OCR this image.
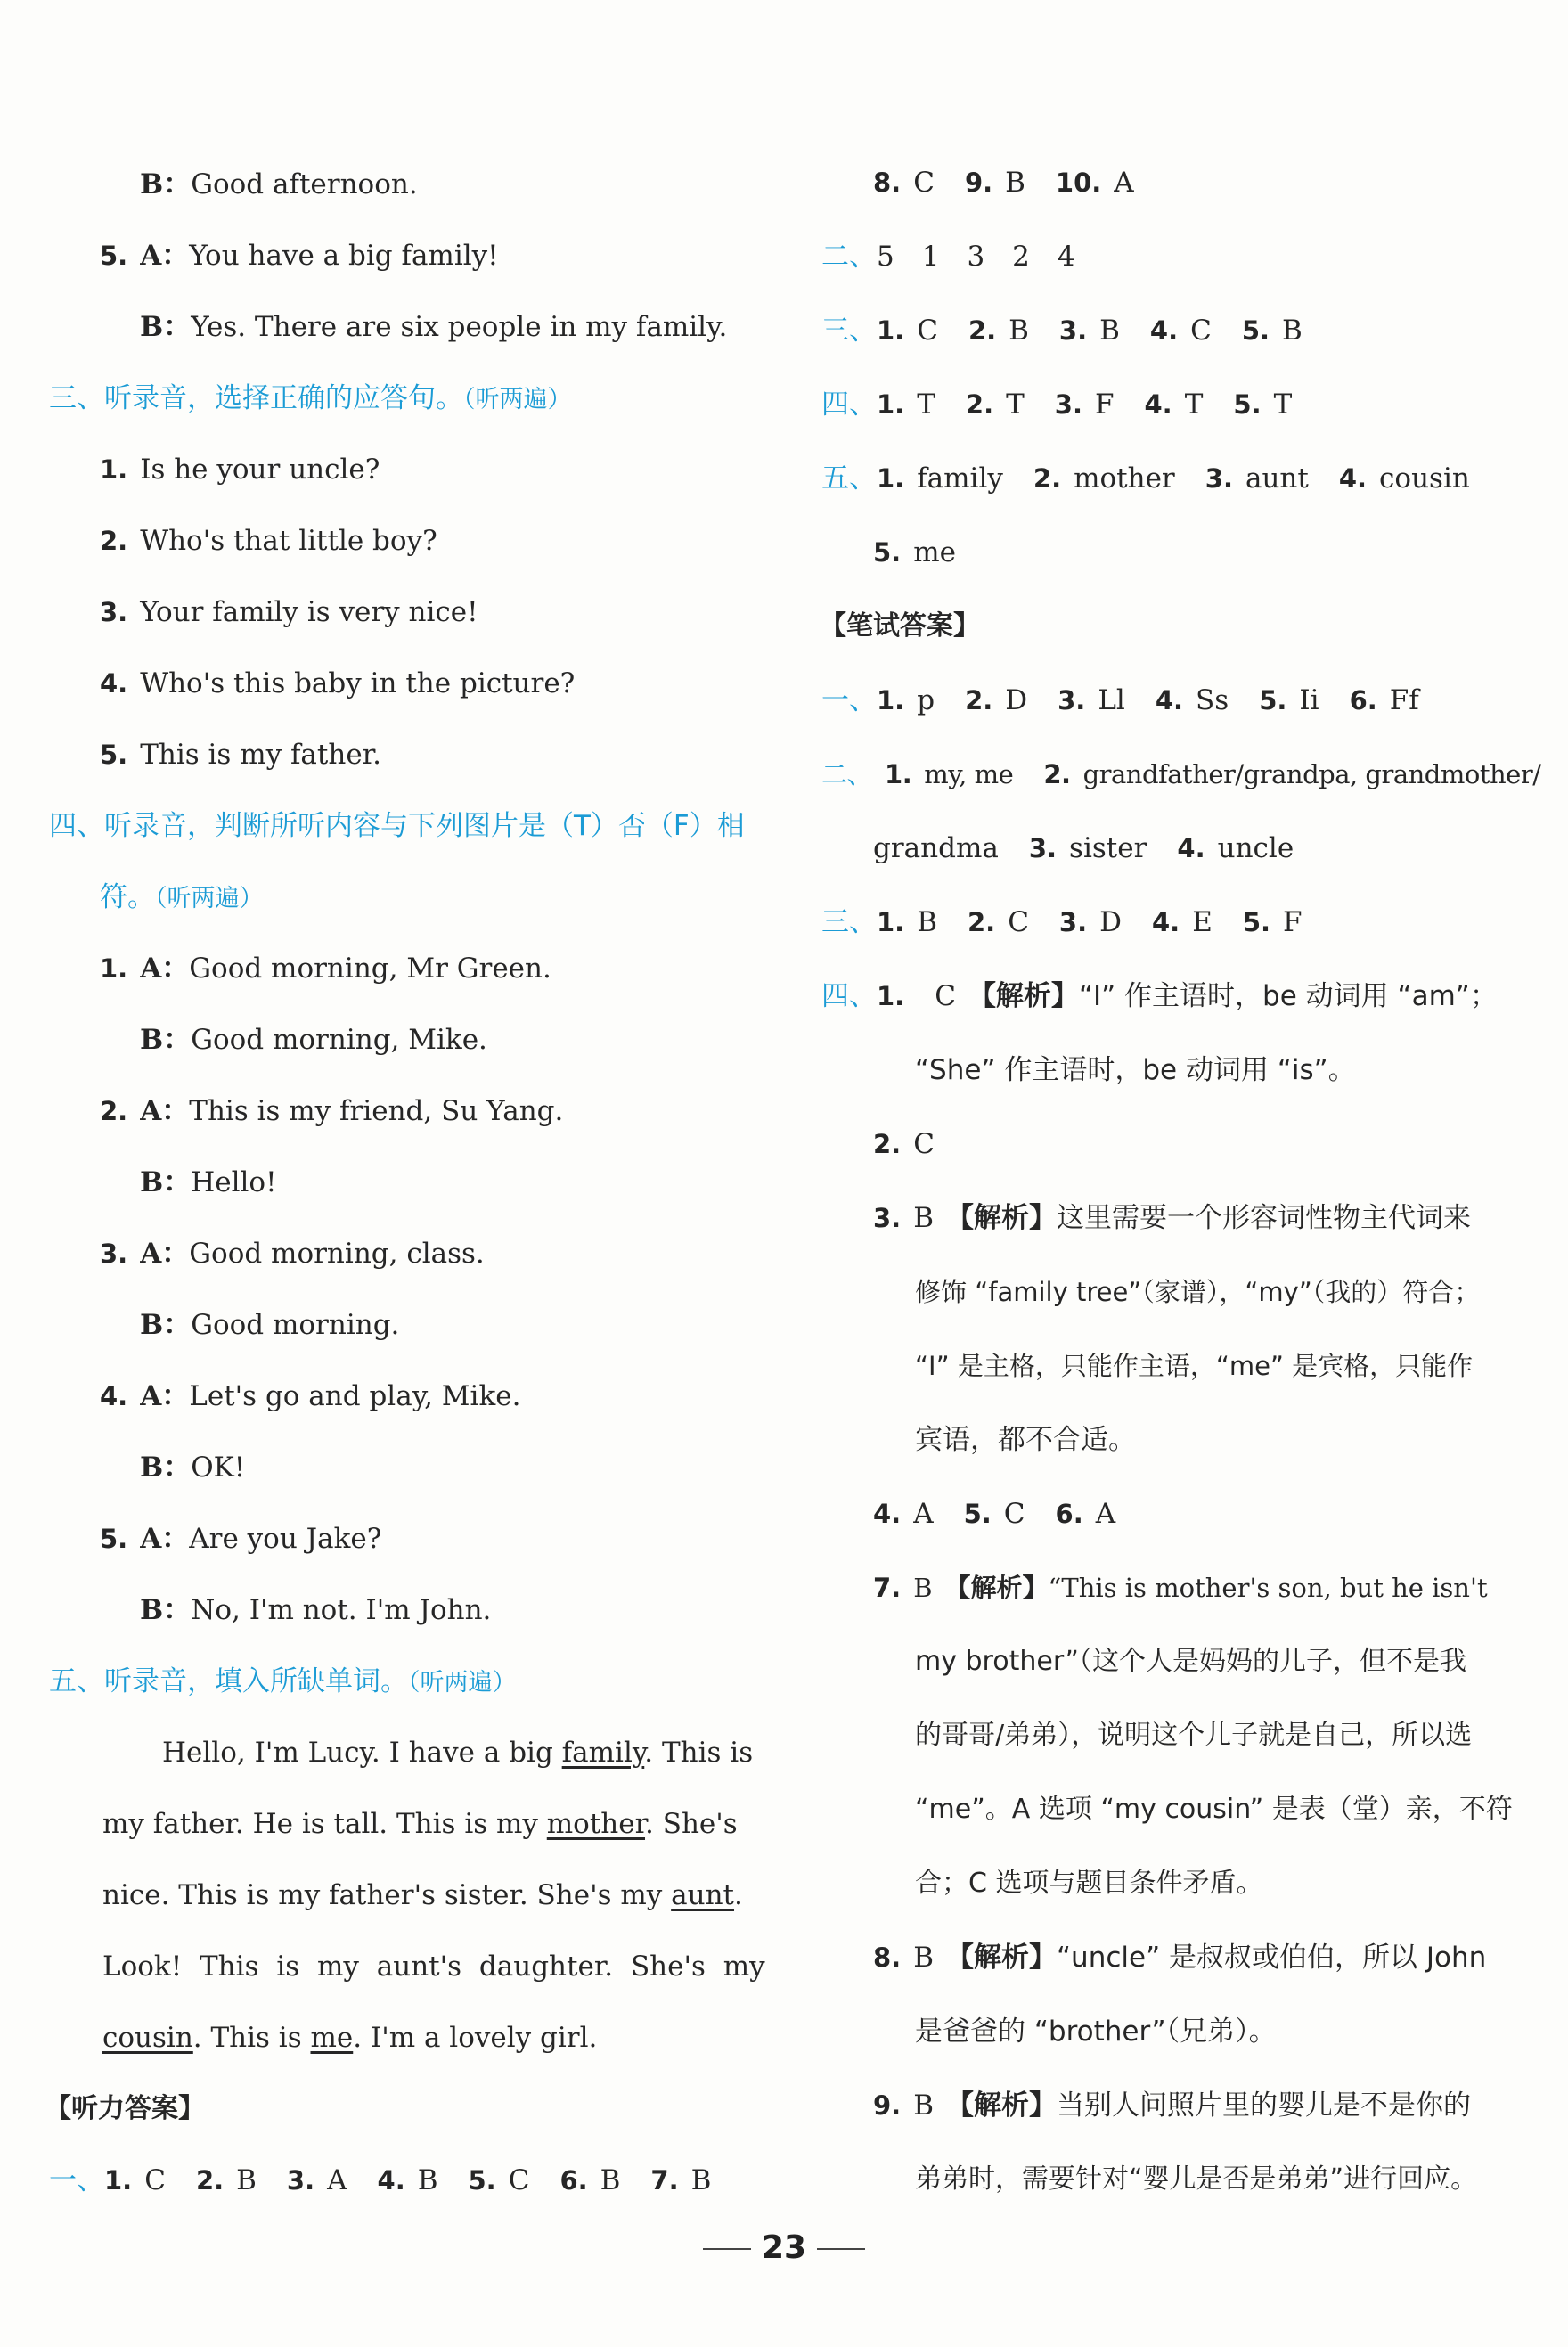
B：Good afternoon.
5. A：You have a big family!
B：Yes. There are six people in my family.
三、听录音，选择正确的应答句。（听两遍）
1. Is he your uncle?
2. Who's that little boy?
3. Your family is very nice!
4. Who's this baby in the picture?
5. This is my father.
四、听录音，判断所听内容与下列图片是（T）否（F）相
符。（听两遍）
1. A：Good morning, Mr Green.
B：Good morning, Mike.
2. A：This is my friend, Su Yang.
B：Hello!
3. A：Good morning, class.
B：Good morning.
4. A：Let's go and play, Mike.
B：OK!
5. A：Are you Jake?
B：No, I'm not. I'm John.
五、听录音，填入所缺单词。（听两遍）
Hello, I'm Lucy. I have a big family. This is
my father. He is tall. This is my mother. She's
nice. This is my father's sister. She's my aunt.
Look! This is my aunt's daughter. She's my
cousin. This is me. I'm a lovely girl.
【听力答案】
一、1. C 2. B 3. A 4. B 5. C 6. B 7. B
8. C 9. B 10. A
二、5　1　3　2　4
三、1. C 2. B 3. B 4. C 5. B
四、1. T 2. T 3. F 4. T 5. T
五、1. family 2. mother 3. aunt 4. cousin
5. me
【笔试答案】
一、1. p 2. D 3. Ll 4. Ss 5. Ii 6. Ff
二、 1. my, me 2. grandfather/grandpa, grandmother/
grandma 3. sister 4. uncle
三、1. B 2. C 3. D 4. E 5. F
四、1. C 【解析】“I” 作主语时，be 动词用 “am”；
“She” 作主语时，be 动词用 “is”。
2. C
3. B 【解析】这里需要一个形容词性物主代词来
修饰 “family tree”（家谱），“my”（我的）符合；
“I” 是主格，只能作主语，“me” 是宾格，只能作
宾语，都不合适。
4. A 5. C 6. A
7. B 【解析】“This is mother's son, but he isn't
my brother”（这个人是妈妈的儿子，但不是我
的哥哥/弟弟），说明这个儿子就是自己，所以选
“me”。A 选项 “my cousin” 是表（堂）亲，不符
合；C 选项与题目条件矛盾。
8. B 【解析】“uncle” 是叔叔或伯伯，所以 John
是爸爸的 “brother”（兄弟）。
9. B 【解析】当别人问照片里的婴儿是不是你的
弟弟时，需要针对“婴儿是否是弟弟”进行回应。
23
